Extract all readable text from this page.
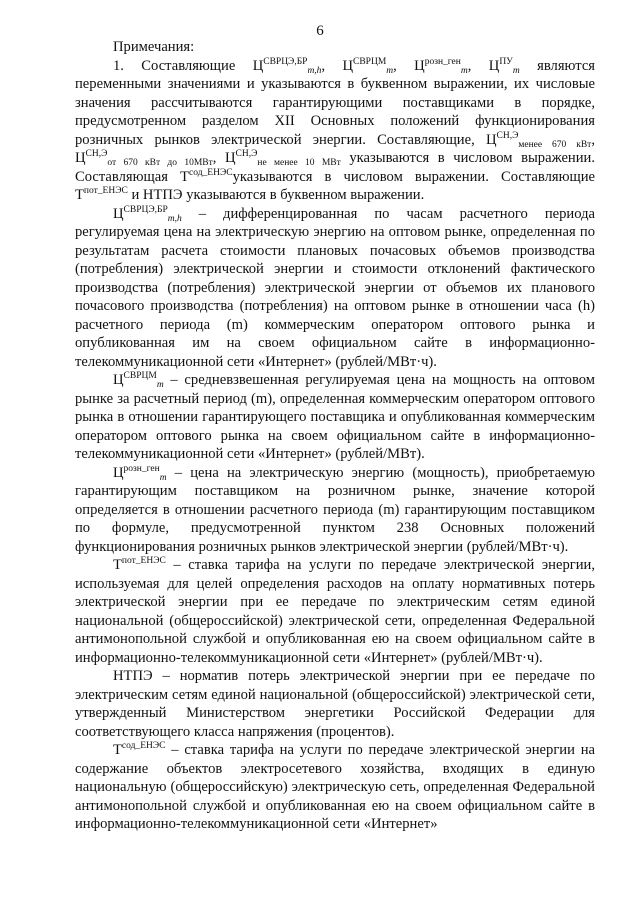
6

Примечания:

1. Составляющие $Ц^{СВРЦЭ,БР}_{m,h}$, $Ц^{СВРЦМ}_m$, $Ц^{розн\_ген}_m$, $Ц^{ПУ}_m$ являются переменными значениями и указываются в буквенном выражении, их числовые значения рассчитываются гарантирующими поставщиками в порядке, предусмотренном разделом XII Основных положений функционирования розничных рынков электрической энергии. Составляющие, $Ц^{СН,Э}_{менее 670 кВт}$, $Ц^{СН,Э}_{от 670 кВт до 10МВт}$, $Ц^{СН,Э}_{не менее 10 МВт}$ указываются в числовом выражении. Составляющая $Т^{сод\_ЕНЭС}указываются$ в числовом выражении. Составляющие $Т^{пот\_ЕНЭС}$ и НТПЭ указываются в буквенном выражении.

$Ц^{СВРЦЭ,БР}_{m,h}$ – дифференцированная по часам расчетного периода регулируемая цена на электрическую энергию на оптовом рынке, определенная по результатам расчета стоимости плановых почасовых объемов производства (потребления) электрической энергии и стоимости отклонений фактического производства (потребления) электрической энергии от объемов их планового почасового производства (потребления) на оптовом рынке в отношении часа (h) расчетного периода (m) коммерческим оператором оптового рынка и опубликованная им на своем официальном сайте в информационно-телекоммуникационной сети «Интернет» (рублей/МВт·ч).

$Ц^{СВРЦМ}_m$ – средневзвешенная регулируемая цена на мощность на оптовом рынке за расчетный период (m), определенная коммерческим оператором оптового рынка в отношении гарантирующего поставщика и опубликованная коммерческим оператором оптового рынка на своем официальном сайте в информационно-телекоммуникационной сети «Интернет» (рублей/МВт).

$Ц^{розн\_ген}_m$ – цена на электрическую энергию (мощность), приобретаемую гарантирующим поставщиком на розничном рынке, значение которой определяется в отношении расчетного периода (m) гарантирующим поставщиком по формуле, предусмотренной пунктом 238 Основных положений функционирования розничных рынков электрической энергии (рублей/МВт·ч).

$Т^{пот\_ЕНЭС}$ – ставка тарифа на услуги по передаче электрической энергии, используемая для целей определения расходов на оплату нормативных потерь электрической энергии при ее передаче по электрическим сетям единой национальной (общероссийской) электрической сети, определенная Федеральной антимонопольной службой и опубликованная ею на своем официальном сайте в информационно-телекоммуникационной сети «Интернет» (рублей/МВт·ч).

НТПЭ – норматив потерь электрической энергии при ее передаче по электрическим сетям единой национальной (общероссийской) электрической сети, утвержденный Министерством энергетики Российской Федерации для соответствующего класса напряжения (процентов).

$Т^{сод\_ЕНЭС}$ – ставка тарифа на услуги по передаче электрической энергии на содержание объектов электросетевого хозяйства, входящих в единую национальную (общероссийскую) электрическую сеть, определенная Федеральной антимонопольной службой и опубликованная ею на своем официальном сайте в информационно-телекоммуникационной сети «Интернет»
